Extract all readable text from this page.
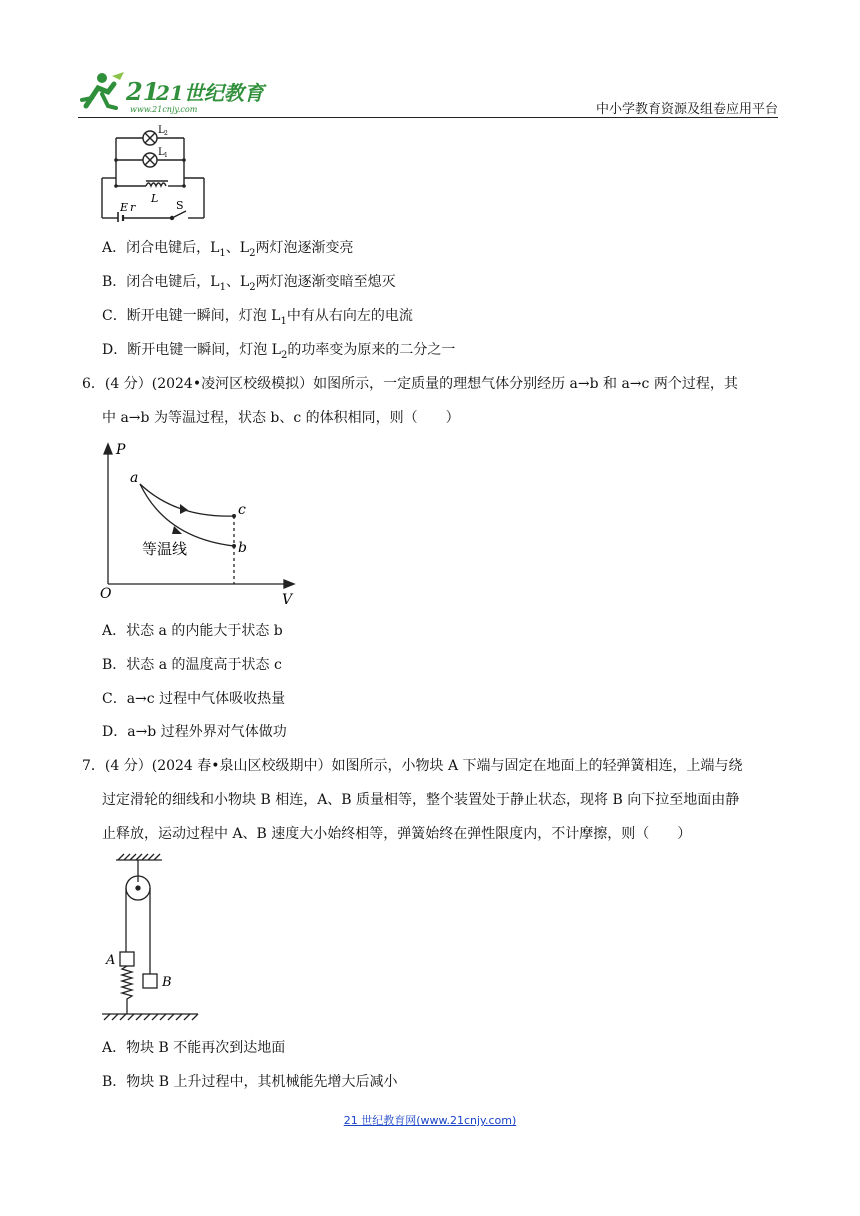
21
21世纪教育
www.21cnjy.com	中小学教育资源及组卷应用平台
L 2
L 1
L
E r	S
A．闭合电键后，$L_1$、$L_2$两灯泡逐渐变亮
B．闭合电键后，$L_1$、$L_2$两灯泡逐渐变暗至熄灭
C．断开电键一瞬间，灯泡 $L_1$中有从右向左的电流
D．断开电键一瞬间，灯泡 $L_2$的功率变为原来的二分之一
6．(4 分）(2024•凌河区校级模拟）如图所示，一定质量的理想气体分别经历 a→b 和 a→c 两个过程，其
中 a→b 为等温过程，状态 b、c 的体积相同，则（　　）
P
V
O
a
b
c
等温线
A．状态 a 的内能大于状态 b
B．状态 a 的温度高于状态 c
C．a→c 过程中气体吸收热量
D．a→b 过程外界对气体做功
7．(4 分）(2024 春•泉山区校级期中）如图所示，小物块 A 下端与固定在地面上的轻弹簧相连，上端与绕
过定滑轮的细线和小物块 B 相连，A、B 质量相等，整个装置处于静止状态，现将 B 向下拉至地面由静
止释放，运动过程中 A、B 速度大小始终相等，弹簧始终在弹性限度内，不计摩擦，则（　　）
A
B
A．物块 B 不能再次到达地面
B．物块 B 上升过程中，其机械能先增大后减小
21 世纪教育网(www.21cnjy.com)
